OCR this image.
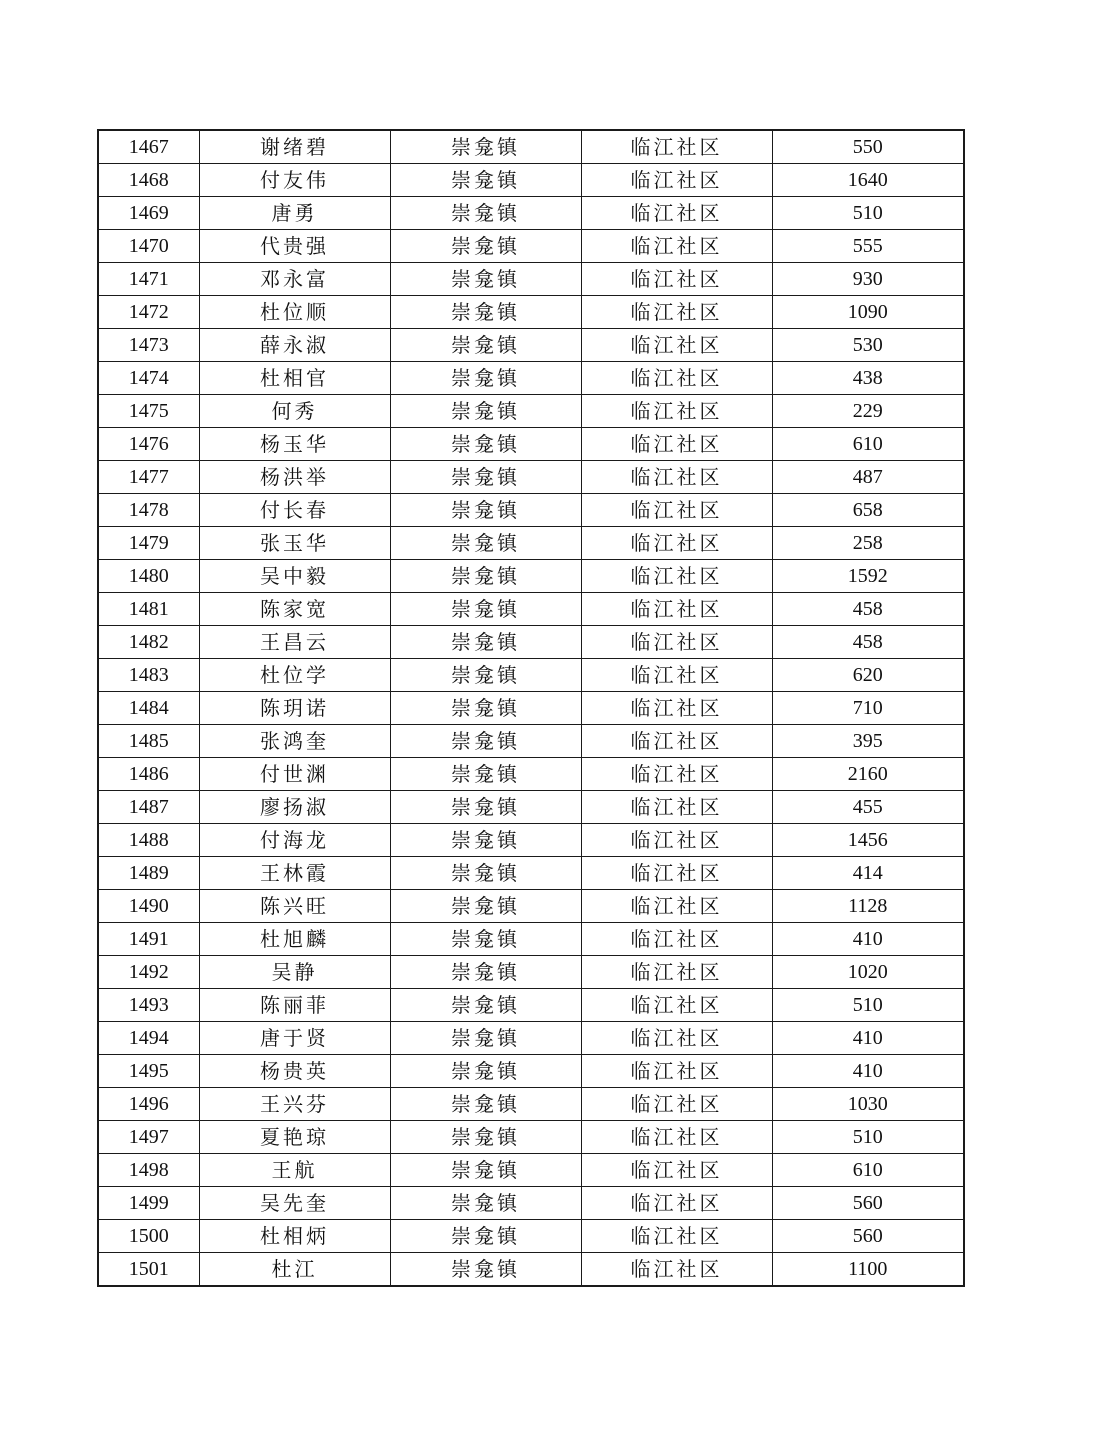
1467	谢绪碧	崇龛镇	临江社区	550
1468	付友伟	崇龛镇	临江社区	1640
1469	唐勇	崇龛镇	临江社区	510
1470	代贵强	崇龛镇	临江社区	555
1471	邓永富	崇龛镇	临江社区	930
1472	杜位顺	崇龛镇	临江社区	1090
1473	薛永淑	崇龛镇	临江社区	530
1474	杜相官	崇龛镇	临江社区	438
1475	何秀	崇龛镇	临江社区	229
1476	杨玉华	崇龛镇	临江社区	610
1477	杨洪举	崇龛镇	临江社区	487
1478	付长春	崇龛镇	临江社区	658
1479	张玉华	崇龛镇	临江社区	258
1480	吴中毅	崇龛镇	临江社区	1592
1481	陈家宽	崇龛镇	临江社区	458
1482	王昌云	崇龛镇	临江社区	458
1483	杜位学	崇龛镇	临江社区	620
1484	陈玥诺	崇龛镇	临江社区	710
1485	张鸿奎	崇龛镇	临江社区	395
1486	付世渊	崇龛镇	临江社区	2160
1487	廖扬淑	崇龛镇	临江社区	455
1488	付海龙	崇龛镇	临江社区	1456
1489	王林霞	崇龛镇	临江社区	414
1490	陈兴旺	崇龛镇	临江社区	1128
1491	杜旭麟	崇龛镇	临江社区	410
1492	吴静	崇龛镇	临江社区	1020
1493	陈丽菲	崇龛镇	临江社区	510
1494	唐于贤	崇龛镇	临江社区	410
1495	杨贵英	崇龛镇	临江社区	410
1496	王兴芬	崇龛镇	临江社区	1030
1497	夏艳琼	崇龛镇	临江社区	510
1498	王航	崇龛镇	临江社区	610
1499	吴先奎	崇龛镇	临江社区	560
1500	杜相炳	崇龛镇	临江社区	560
1501	杜江	崇龛镇	临江社区	1100
